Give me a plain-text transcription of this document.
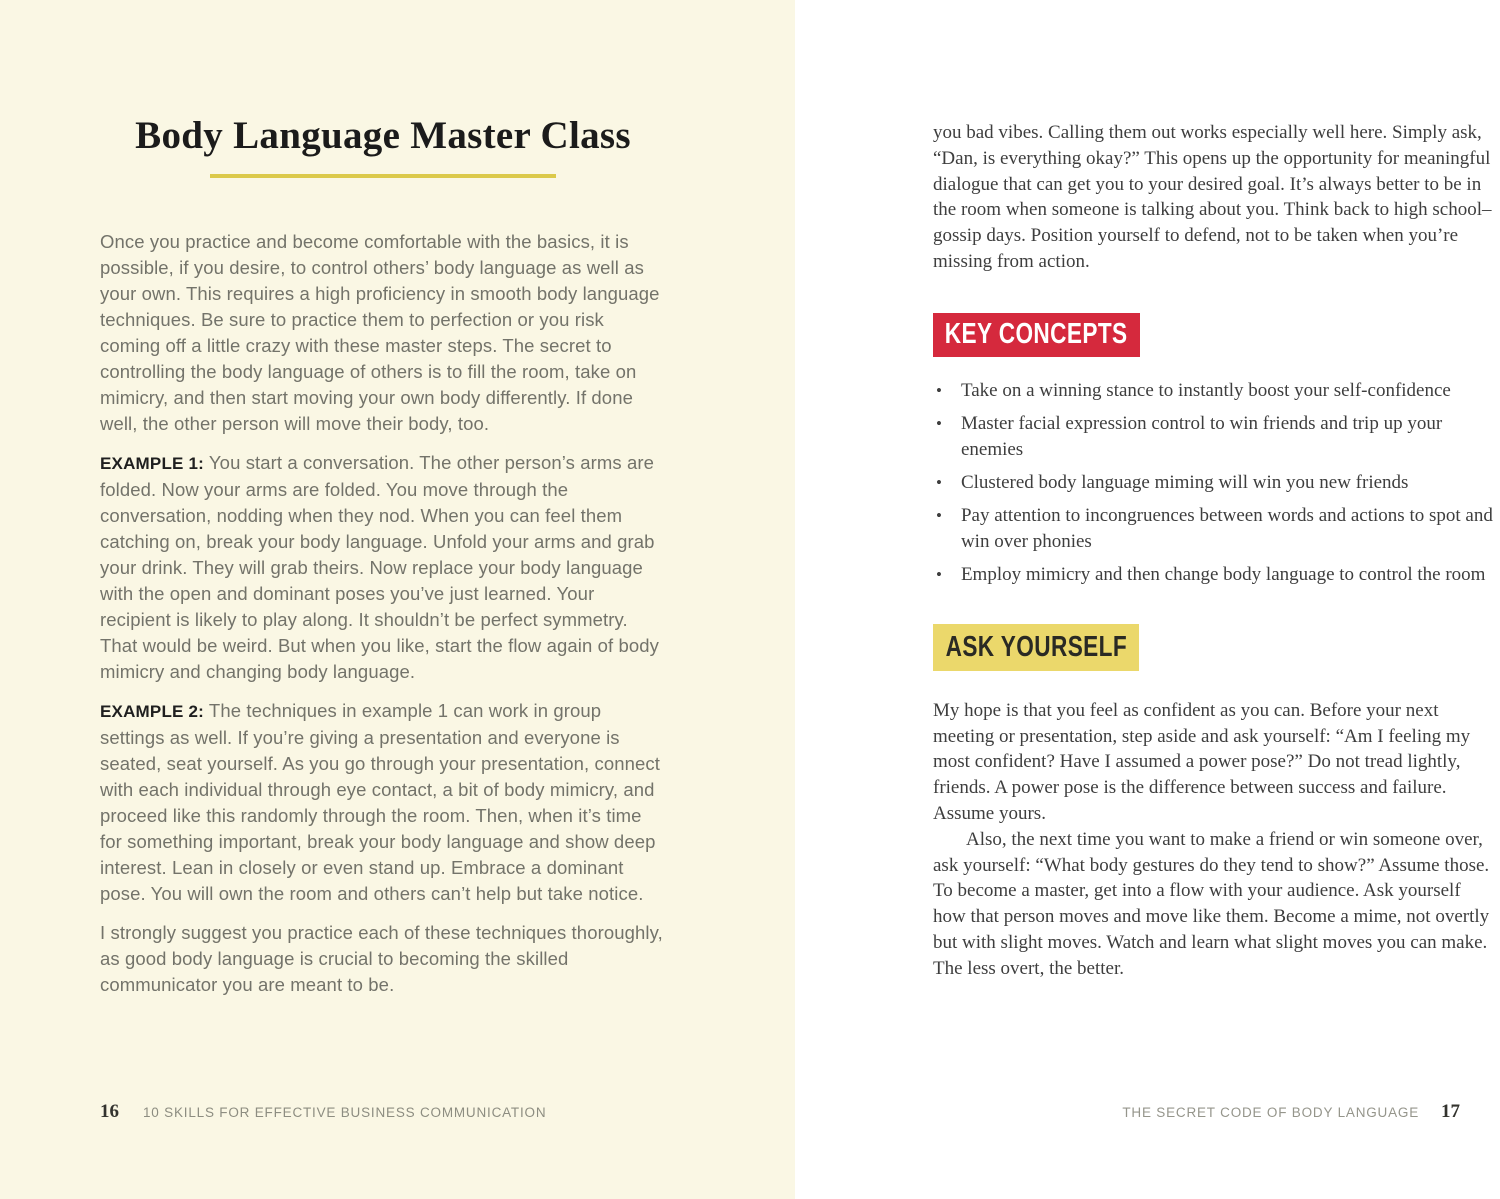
Body Language Master Class

Once you practice and become comfortable with the basics, it is possible, if you desire, to control others’ body language as well as your own. This requires a high proficiency in smooth body language techniques. Be sure to practice them to perfection or you risk coming off a little crazy with these master steps. The secret to controlling the body language of others is to fill the room, take on mimicry, and then start moving your own body differently. If done well, the other person will move their body, too.

EXAMPLE 1: You start a conversation. The other person’s arms are folded. Now your arms are folded. You move through the conversation, nodding when they nod. When you can feel them catching on, break your body language. Unfold your arms and grab your drink. They will grab theirs. Now replace your body language with the open and dominant poses you’ve just learned. Your recipient is likely to play along. It shouldn’t be perfect symmetry. That would be weird. But when you like, start the flow again of body mimicry and changing body language.

EXAMPLE 2: The techniques in example 1 can work in group settings as well. If you’re giving a presentation and everyone is seated, seat yourself. As you go through your presentation, connect with each individual through eye contact, a bit of body mimicry, and proceed like this randomly through the room. Then, when it’s time for something important, break your body language and show deep interest. Lean in closely or even stand up. Embrace a dominant pose. You will own the room and others can’t help but take notice.

I strongly suggest you practice each of these techniques thoroughly, as good body language is crucial to becoming the skilled communicator you are meant to be.

16 10 SKILLS FOR EFFECTIVE BUSINESS COMMUNICATION

you bad vibes. Calling them out works especially well here. Simply ask, “Dan, is everything okay?” This opens up the opportunity for meaningful dialogue that can get you to your desired goal. It’s always better to be in the room when someone is talking about you. Think back to high school–gossip days. Position yourself to defend, not to be taken when you’re missing from action.

KEY CONCEPTS
• Take on a winning stance to instantly boost your self-confidence
• Master facial expression control to win friends and trip up your enemies
• Clustered body language miming will win you new friends
• Pay attention to incongruences between words and actions to spot and win over phonies
• Employ mimicry and then change body language to control the room
ASK YOURSELF

My hope is that you feel as confident as you can. Before your next meeting or presentation, step aside and ask yourself: “Am I feeling my most confident? Have I assumed a power pose?” Do not tread lightly, friends. A power pose is the difference between success and failure. Assume yours.

Also, the next time you want to make a friend or win someone over, ask yourself: “What body gestures do they tend to show?” Assume those. To become a master, get into a flow with your audience. Ask yourself how that person moves and move like them. Become a mime, not overtly but with slight moves. Watch and learn what slight moves you can make. The less overt, the better.

THE SECRET CODE OF BODY LANGUAGE 17
